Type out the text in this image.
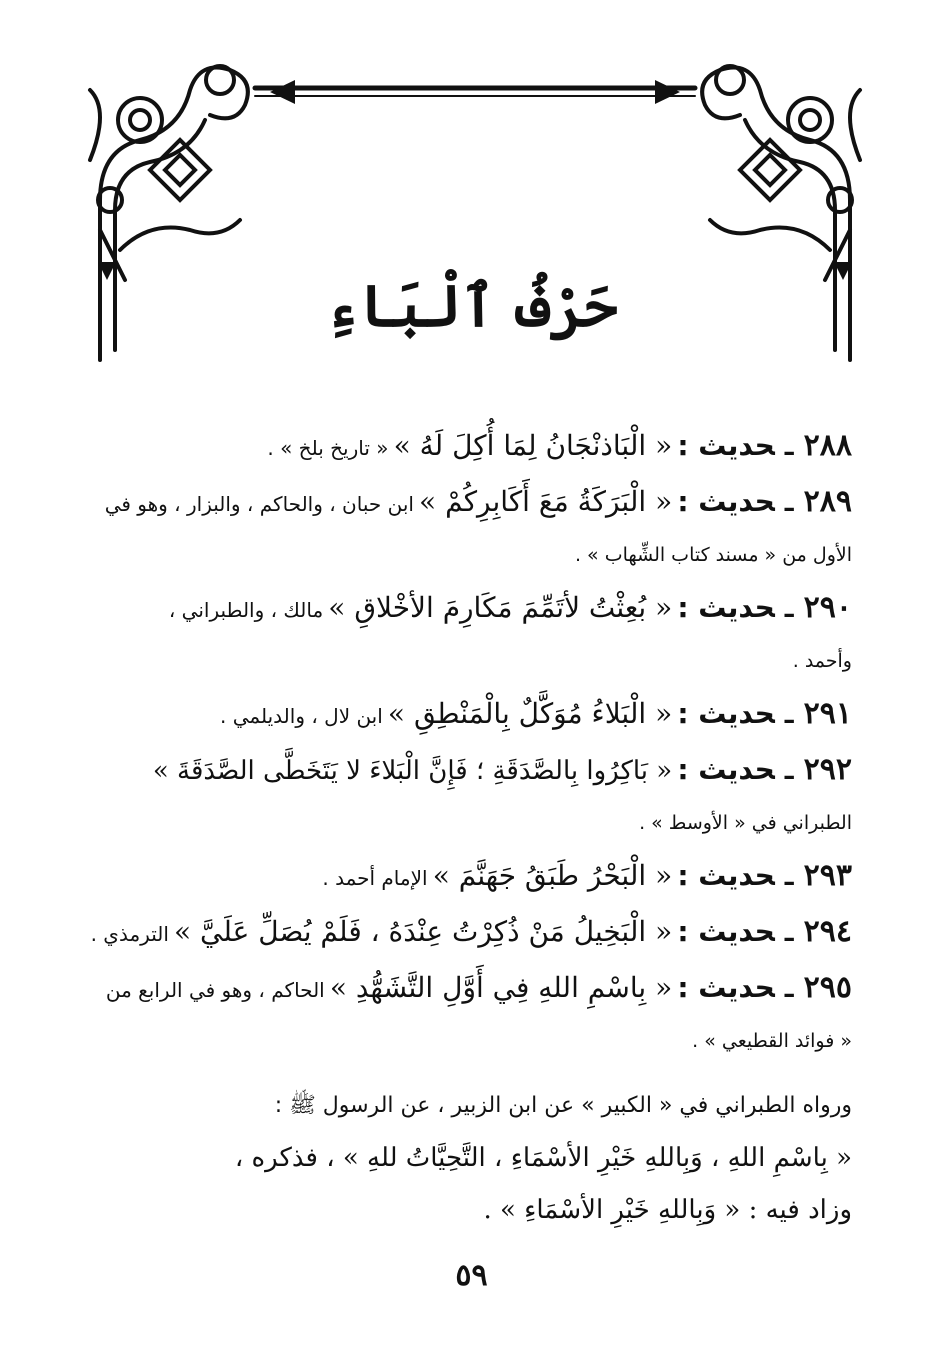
حَرْفُ ٱلْبَاءِ
٢٨٨ـحديث : « الْبَاذنْجَانُ لِمَا أُكِلَ لَهُ » « تاريخ بلخ » .
٢٨٩ـحديث : « الْبَرَكَةُ مَعَ أَكَابِرِكُمْ » ابن حبان ، والحاكم ، والبزار ، وهو في
الأول من « مسند كتاب الشِّهاب » .
٢٩٠ـحديث : « بُعِثْتُ لأتَمِّمَ مَكَارِمَ الأخْلاقِ » مالك ، والطبراني ،
وأحمد .
٢٩١ـحديث : « الْبَلاءُ مُوَكَّلٌ بِالْمَنْطِقِ » ابن لال ، والديلمي .
٢٩٢ـحديث : « بَاكِرُوا بِالصَّدَقَةِ ؛ فَإِنَّ الْبَلاءَ لا يَتَخَطَّى الصَّدَقَةَ »
الطبراني في « الأوسط » .
٢٩٣ـحديث : « الْبَحْرُ طَبَقُ جَهَنَّمَ » الإمام أحمد .
٢٩٤ـحديث : « الْبَخِيلُ مَنْ ذُكِرْتُ عِنْدَهُ ، فَلَمْ يُصَلِّ عَلَيَّ » الترمذي .
٢٩٥ـحديث : « بِاسْمِ اللهِ فِي أَوَّلِ التَّشَهُّدِ » الحاكم ، وهو في الرابع من
« فوائد القطيعي » .
ورواه الطبراني في « الكبير » عن ابن الزبير ، عن الرسول ﷺ :
« بِاسْمِ اللهِ ، وَبِاللهِ خَيْرِ الأسْمَاءِ ، التَّحِيَّاتُ للهِ » ، فذكره ،
وزاد فيه : « وَبِاللهِ خَيْرِ الأسْمَاءِ » .
٥٩
